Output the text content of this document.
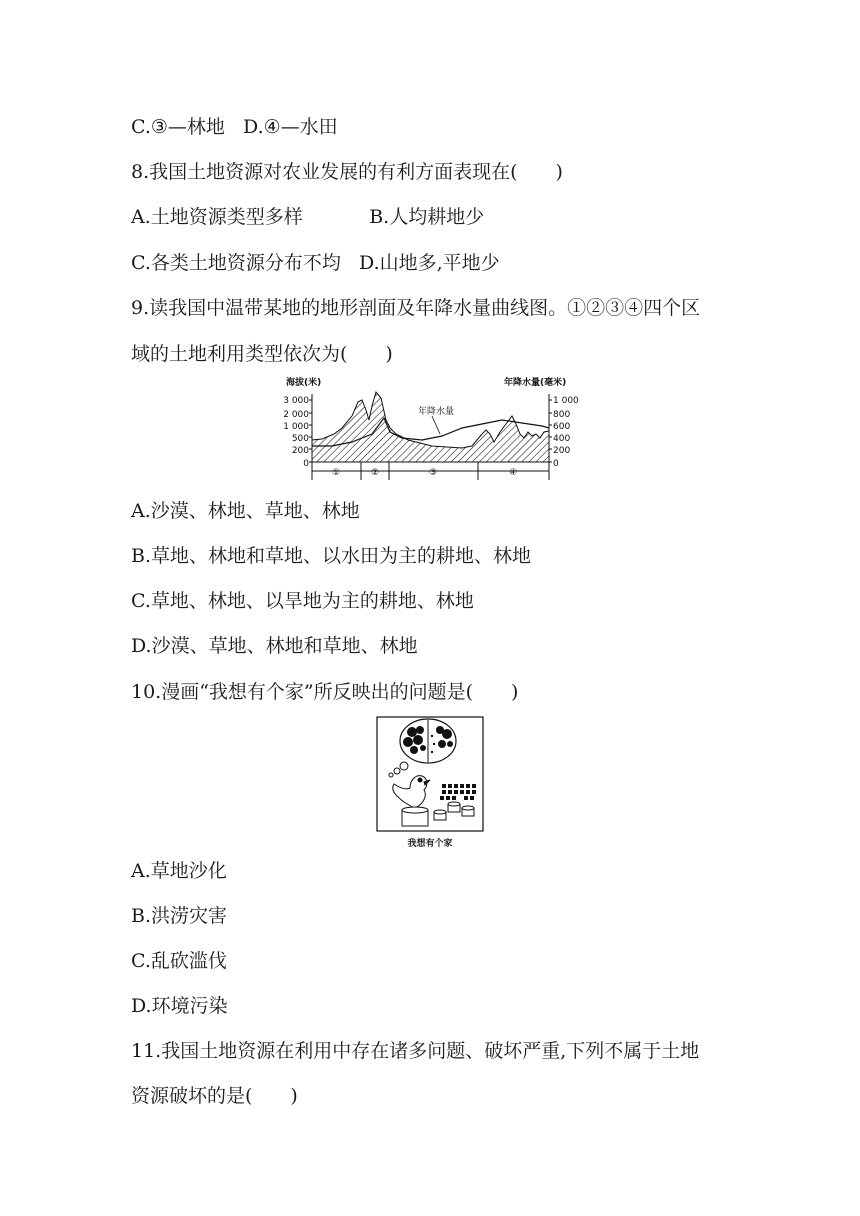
C.③—林地   D.④—水田
8.我国土地资源对农业发展的有利方面表现在(　　)
A.土地资源类型多样           B.人均耕地少
C.各类土地资源分布不均   D.山地多,平地少
9.读我国中温带某地的地形剖面及年降水量曲线图。①②③④四个区
域的土地利用类型依次为(　　)
海拔(米)	年降水量(毫米)
3 000
2 000
1 000
500
200
0
1 000
800
600
400
200
0
年降水量
①	②	③	④
A.沙漠、林地、草地、林地
B.草地、林地和草地、以水田为主的耕地、林地
C.草地、林地、以旱地为主的耕地、林地
D.沙漠、草地、林地和草地、林地
10.漫画“我想有个家”所反映出的问题是(　　)
我想有个家
A.草地沙化
B.洪涝灾害
C.乱砍滥伐
D.环境污染
11.我国土地资源在利用中存在诸多问题、破坏严重,下列不属于土地
资源破坏的是(　　)
